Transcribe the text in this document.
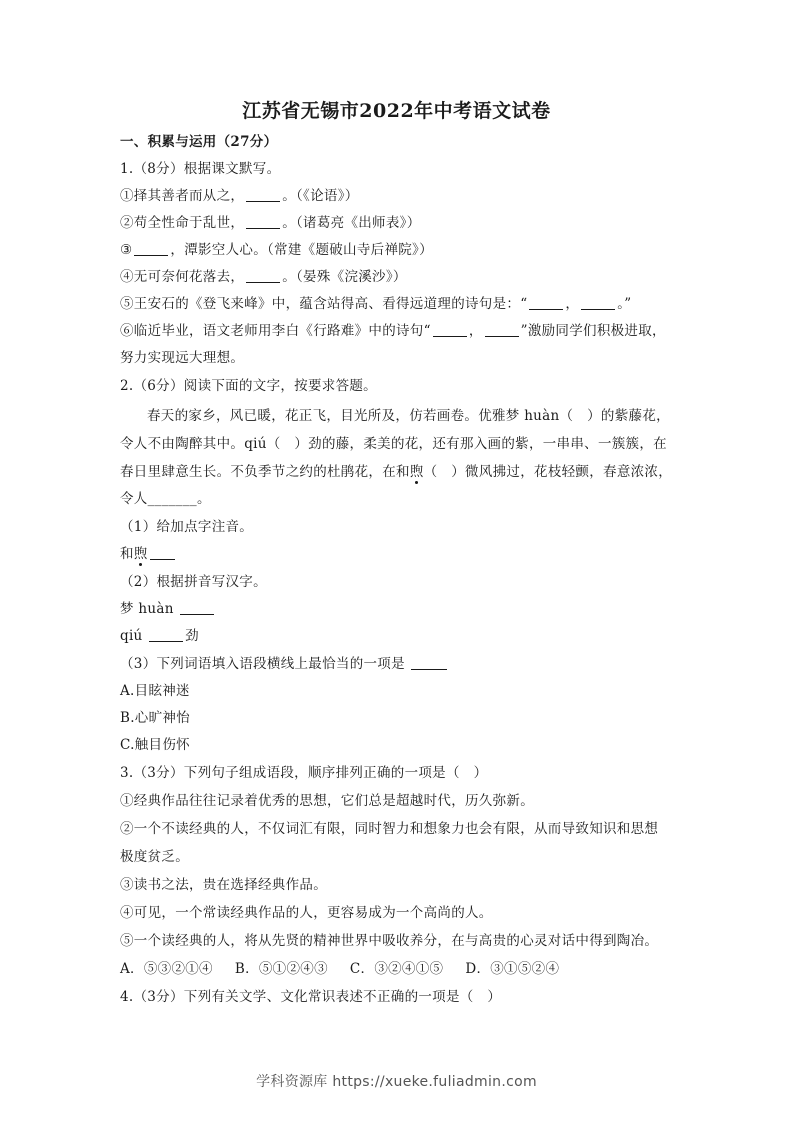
江苏省无锡市2022年中考语文试卷
一、积累与运用（27分）
1.（8分）根据课文默写。
①择其善者而从之，	。（《论语》）
②苟全性命于乱世，	。（诸葛亮《出师表》）
③	，潭影空人心。（常建《题破山寺后禅院》）
④无可奈何花落去，	。（晏殊《浣溪沙》）
⑤王安石的《登飞来峰》中，蕴含站得高、看得远道理的诗句是：“	，	。”
⑥临近毕业，语文老师用李白《行路难》中的诗句“	，	”激励同学们积极进取，
努力实现远大理想。
2.（6分）阅读下面的文字，按要求答题。
春天的家乡，风已暖，花正飞，目光所及，仿若画卷。优雅梦 huàn（　）的紫藤花，
令人不由陶醉其中。qiú（　）劲的藤，柔美的花，还有那入画的紫，一串串、一簇簇，在
春日里肆意生长。不负季节之约的杜鹃花，在和煦（　）微风拂过，花枝轻颤，春意浓浓，
令人_______。
（1）给加点字注音。
和煦
（2）根据拼音写汉字。
梦 huàn
qiú	劲
（3）下列词语填入语段横线上最恰当的一项是
A.目眩神迷
B.心旷神怡
C.触目伤怀
3.（3分）下列句子组成语段，顺序排列正确的一项是（　）
①经典作品往往记录着优秀的思想，它们总是超越时代，历久弥新。
②一个不读经典的人，不仅词汇有限，同时智力和想象力也会有限，从而导致知识和思想
极度贫乏。
③读书之法，贵在选择经典作品。
④可见，一个常读经典作品的人，更容易成为一个高尚的人。
⑤一个读经典的人，将从先贤的精神世界中吸收养分，在与高贵的心灵对话中得到陶冶。
A．⑤③②①④ B．⑤①②④③ C．③②④①⑤ D．③①⑤②④
4.（3分）下列有关文学、文化常识表述不正确的一项是（　）
学科资源库 https://xueke.fuliadmin.com
